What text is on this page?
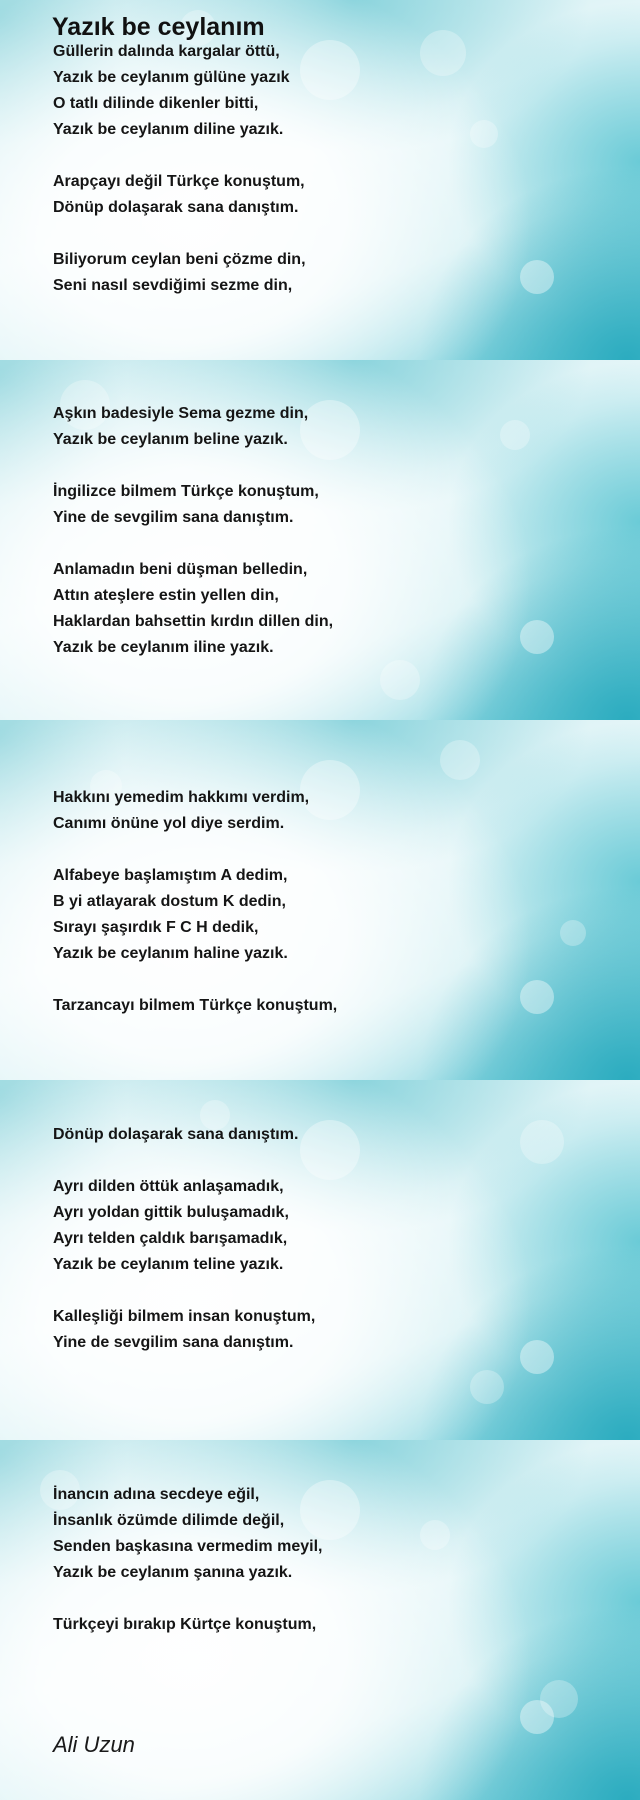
Yazık be ceylanım
Güllerin dalında kargalar öttü,
Yazık be ceylanım gülüne yazık
O tatlı dilinde dikenler bitti,
Yazık be ceylanım diline yazık.
Arapçayı değil Türkçe konuştum,
Dönüp dolaşarak sana danıştım.
Biliyorum ceylan beni çözme din,
Seni nasıl sevdiğimi sezme din,
Aşkın badesiyle Sema gezme din,
Yazık be ceylanım beline yazık.
İngilizce bilmem Türkçe konuştum,
Yine de sevgilim sana danıştım.
Anlamadın beni düşman belledin,
Attın ateşlere estin yellen din,
Haklardan bahsettin kırdın dillen din,
Yazık be ceylanım iline yazık.
Hakkını yemedim hakkımı verdim,
Canımı önüne yol diye serdim.
Alfabeye başlamıştım A dedim,
B yi atlayarak dostum K dedin,
Sırayı şaşırdık F C H dedik,
Yazık be ceylanım haline yazık.
Tarzancayı bilmem Türkçe konuştum,
Dönüp dolaşarak sana danıştım.
Ayrı dilden öttük anlaşamadık,
Ayrı yoldan gittik buluşamadık,
Ayrı telden çaldık barışamadık,
Yazık be ceylanım teline yazık.
Kalleşliği bilmem insan konuştum,
Yine de sevgilim sana danıştım.
İnancın adına secdeye eğil,
İnsanlık özümde dilimde değil,
Senden başkasına vermedim meyil,
Yazık be ceylanım şanına yazık.
Türkçeyi bırakıp Kürtçe konuştum,
Ali Uzun
